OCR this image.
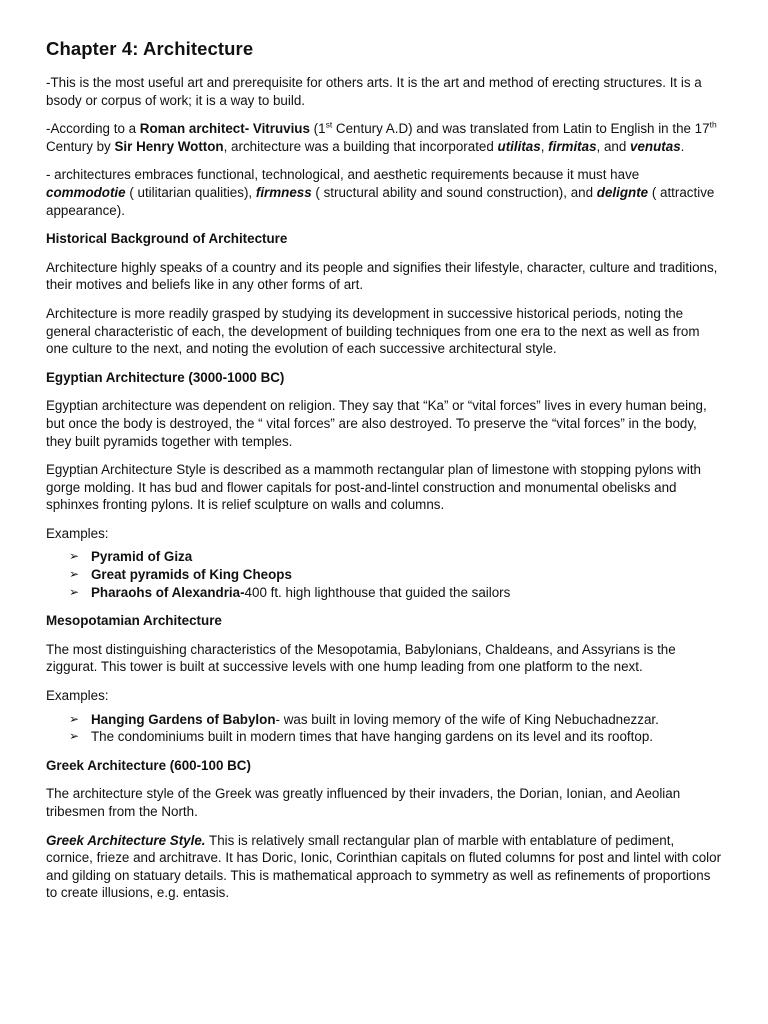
Chapter 4: Architecture

-This is the most useful art and prerequisite for others arts. It is the art and method of erecting structures. It is a bsody or corpus of work; it is a way to build.

-According to a Roman architect- Vitruvius (1st Century A.D) and was translated from Latin to English in the 17th Century by Sir Henry Wotton, architecture was a building that incorporated utilitas, firmitas, and venutas.

- architectures embraces functional, technological, and aesthetic requirements because it must have commodotie ( utilitarian qualities), firmness ( structural ability and sound construction), and delignte ( attractive appearance).

Historical Background of Architecture

Architecture highly speaks of a country and its people and signifies their lifestyle, character, culture and traditions, their motives and beliefs like in any other forms of art.

Architecture is more readily grasped by studying its development in successive historical periods, noting the general characteristic of each, the development of building techniques from one era to the next as well as from one culture to the next, and noting the evolution of each successive architectural style.

Egyptian Architecture (3000-1000 BC)

Egyptian architecture was dependent on religion. They say that “Ka” or “vital forces” lives in every human being, but once the body is destroyed, the “ vital forces” are also destroyed. To preserve the “vital forces” in the body, they built pyramids together with temples.

Egyptian Architecture Style is described as a mammoth rectangular plan of limestone with stopping pylons with gorge molding. It has bud and flower capitals for post-and-lintel construction and monumental obelisks and sphinxes fronting pylons. It is relief sculpture on walls and columns.

Examples:

➢ Pyramid of Giza
➢ Great pyramids of King Cheops
➢ Pharaohs of Alexandria-400 ft. high lighthouse that guided the sailors

Mesopotamian Architecture

The most distinguishing characteristics of the Mesopotamia, Babylonians, Chaldeans, and Assyrians is the ziggurat. This tower is built at successive levels with one hump leading from one platform to the next.

Examples:

➢ Hanging Gardens of Babylon- was built in loving memory of the wife of King Nebuchadnezzar.
➢ The condominiums built in modern times that have hanging gardens on its level and its rooftop.

Greek Architecture (600-100 BC)

The architecture style of the Greek was greatly influenced by their invaders, the Dorian, Ionian, and Aeolian tribesmen from the North.

Greek Architecture Style. This is relatively small rectangular plan of marble with entablature of pediment, cornice, frieze and architrave. It has Doric, Ionic, Corinthian capitals on fluted columns for post and lintel with color and gilding on statuary details. This is mathematical approach to symmetry as well as refinements of proportions to create illusions, e.g. entasis.
